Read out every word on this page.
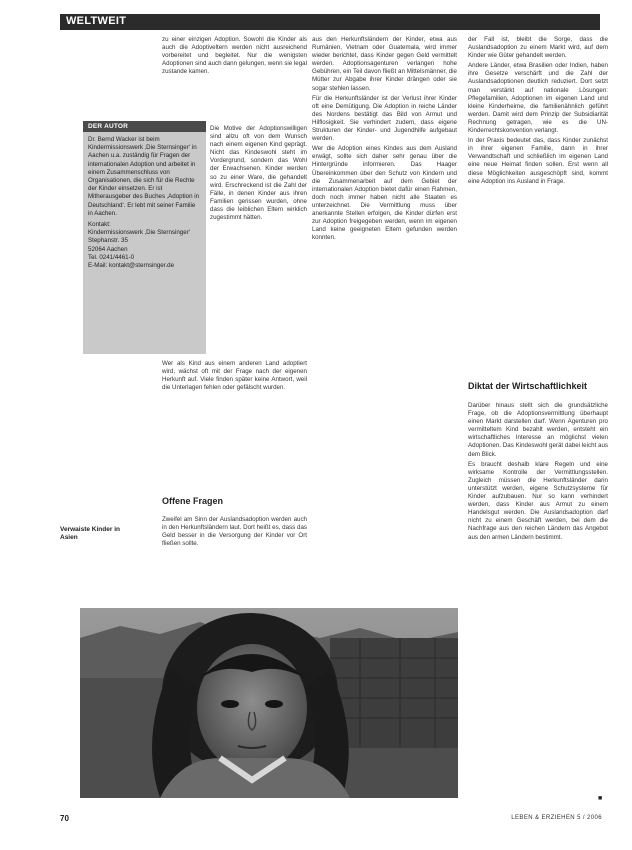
WELTWEIT

zu einer einzigen Adoption. Sowohl die Kinder als auch die Adoptiveltern werden nicht ausreichend vorbereitet und begleitet. Nur die wenigsten Adoptionen sind auch dann gelungen, wenn sie legal zustande kamen.

DER AUTOR

Dr. Bernd Wacker ist beim Kindermissionswerk ‚Die Sternsinger‘ in Aachen u.a. zuständig für Fragen der internationalen Adoption und arbeitet in einem Zusammenschluss von Organisationen, die sich für die Rechte der Kinder einsetzen. Er ist Mitherausgeber des Buches ‚Adoption in Deutschland‘. Er lebt mit seiner Familie in Aachen.

Kontakt:
Kindermissionswerk ‚Die Sternsinger‘
Stephanstr. 35
52064 Aachen
Tel. 0241/4461-0
E-Mail: kontakt@sternsinger.de

Die Motive der Adoptionswilligen sind allzu oft von dem Wunsch nach einem eigenen Kind geprägt. Nicht das Kindeswohl steht im Vordergrund, sondern das Wohl der Erwachsenen. Kinder werden so zu einer Ware, die gehandelt wird. Erschreckend ist die Zahl der Fälle, in denen Kinder aus ihren Familien gerissen wurden, ohne dass die leiblichen Eltern wirklich zugestimmt hätten.

Wer als Kind aus einem anderen Land adoptiert wird, wächst oft mit der Frage nach der eigenen Herkunft auf. Viele finden später keine Antwort, weil die Unterlagen fehlen oder gefälscht wurden.

Offene Fragen

Zweifel am Sinn der Auslandsadoption werden auch in den Herkunftsländern laut. Dort heißt es, dass das Geld besser in die Versorgung der Kinder vor Ort fließen sollte.

aus den Herkunftsländern der Kinder, etwa aus Rumänien, Vietnam oder Guatemala, wird immer wieder berichtet, dass Kinder gegen Geld vermittelt werden. Adoptionsagenturen verlangen hohe Gebühren, ein Teil davon fließt an Mittelsmänner, die Mütter zur Abgabe ihrer Kinder drängen oder sie sogar stehlen lassen.

Für die Herkunftsländer ist der Verlust ihrer Kinder oft eine Demütigung. Die Adoption in reiche Länder des Nordens bestätigt das Bild von Armut und Hilflosigkeit. Sie verhindert zudem, dass eigene Strukturen der Kinder- und Jugendhilfe aufgebaut werden.

Wer die Adoption eines Kindes aus dem Ausland erwägt, sollte sich daher sehr genau über die Hintergründe informieren. Das Haager Übereinkommen über den Schutz von Kindern und die Zusammenarbeit auf dem Gebiet der internationalen Adoption bietet dafür einen Rahmen, doch noch immer haben nicht alle Staaten es unterzeichnet. Die Vermittlung muss über anerkannte Stellen erfolgen, die Kinder dürfen erst zur Adoption freigegeben werden, wenn im eigenen Land keine geeigneten Eltern gefunden werden konnten.

der Fall ist, bleibt die Sorge, dass die Auslandsadoption zu einem Markt wird, auf dem Kinder wie Güter gehandelt werden.

Andere Länder, etwa Brasilien oder Indien, haben ihre Gesetze verschärft und die Zahl der Auslandsadoptionen deutlich reduziert. Dort setzt man verstärkt auf nationale Lösungen: Pflegefamilien, Adoptionen im eigenen Land und kleine Kinderheime, die familienähnlich geführt werden. Damit wird dem Prinzip der Subsidiarität Rechnung getragen, wie es die UN-Kinderrechtskonvention verlangt.

In der Praxis bedeutet das, dass Kinder zunächst in ihrer eigenen Familie, dann in ihrer Verwandtschaft und schließlich im eigenen Land eine neue Heimat finden sollen. Erst wenn all diese Möglichkeiten ausgeschöpft sind, kommt eine Adoption ins Ausland in Frage.

Diktat der Wirtschaftlichkeit

Darüber hinaus stellt sich die grundsätzliche Frage, ob die Adoptionsvermittlung überhaupt einen Markt darstellen darf. Wenn Agenturen pro vermitteltem Kind bezahlt werden, entsteht ein wirtschaftliches Interesse an möglichst vielen Adoptionen. Das Kindeswohl gerät dabei leicht aus dem Blick.

Es braucht deshalb klare Regeln und eine wirksame Kontrolle der Vermittlungsstellen. Zugleich müssen die Herkunftsländer darin unterstützt werden, eigene Schutzsysteme für Kinder aufzubauen. Nur so kann verhindert werden, dass Kinder aus Armut zu einem Handelsgut werden. Die Auslandsadoption darf nicht zu einem Geschäft werden, bei dem die Nachfrage aus den reichen Ländern das Angebot aus den armen Ländern bestimmt.

■
Verwaiste Kinder in Asien
70	LEBEN & ERZIEHEN 5 / 2006
